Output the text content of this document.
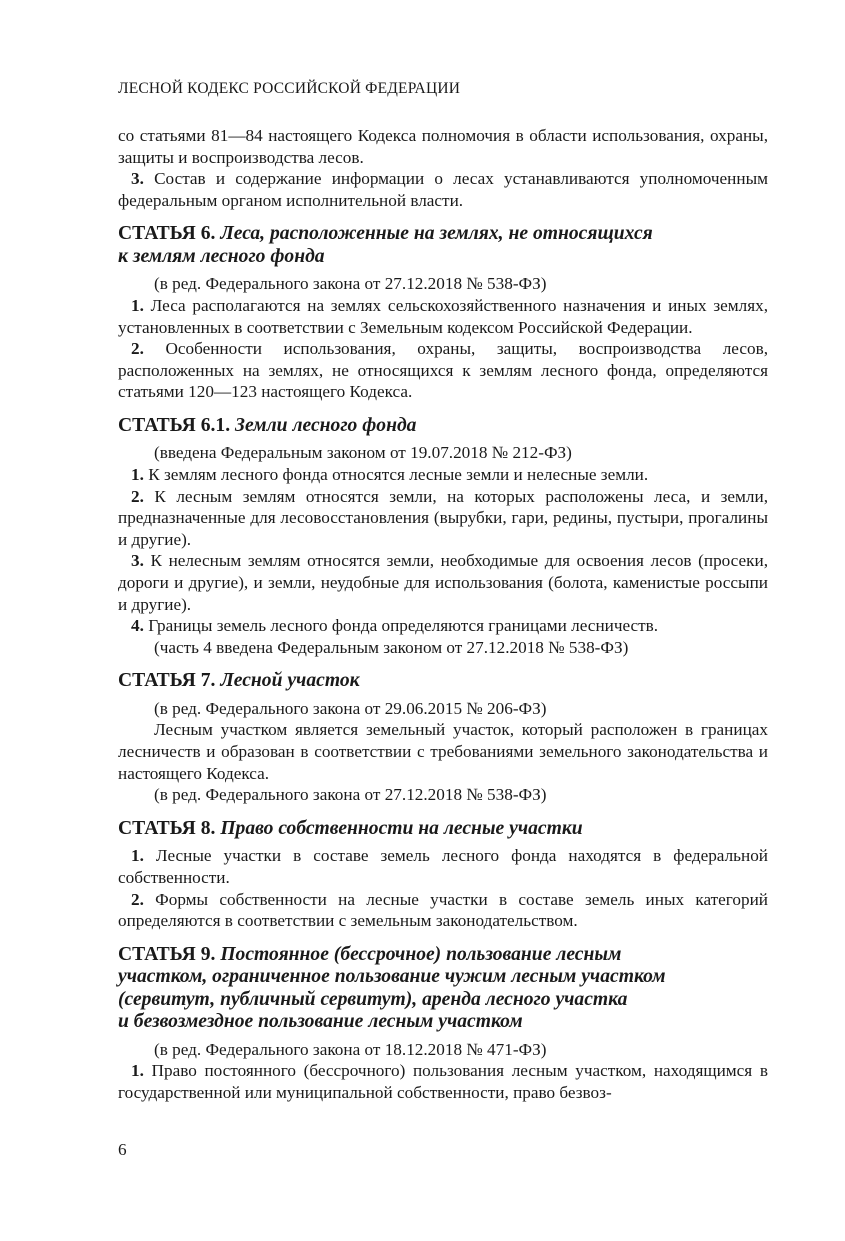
ЛЕСНОЙ КОДЕКС РОССИЙСКОЙ ФЕДЕРАЦИИ

со статьями 81—84 настоящего Кодекса полномочия в области использования, охраны, защиты и воспроизводства лесов.

3. Состав и содержание информации о лесах устанавливаются уполномоченным федеральным органом исполнительной власти.

СТАТЬЯ 6. Леса, расположенные на землях, не относящихся
к землям лесного фонда

(в ред. Федерального закона от 27.12.2018 № 538-ФЗ)

1. Леса располагаются на землях сельскохозяйственного назначения и иных землях, установленных в соответствии с Земельным кодексом Российской Федерации.

2. Особенности использования, охраны, защиты, воспроизводства лесов, расположенных на землях, не относящихся к землям лесного фонда, определяются статьями 120—123 настоящего Кодекса.

СТАТЬЯ 6.1. Земли лесного фонда

(введена Федеральным законом от 19.07.2018 № 212-ФЗ)

1. К землям лесного фонда относятся лесные земли и нелесные земли.

2. К лесным землям относятся земли, на которых расположены леса, и земли, предназначенные для лесовосстановления (вырубки, гари, редины, пустыри, прогалины и другие).

3. К нелесным землям относятся земли, необходимые для освоения лесов (просеки, дороги и другие), и земли, неудобные для использования (болота, каменистые россыпи и другие).

4. Границы земель лесного фонда определяются границами лесничеств.

(часть 4 введена Федеральным законом от 27.12.2018 № 538-ФЗ)

СТАТЬЯ 7. Лесной участок

(в ред. Федерального закона от 29.06.2015 № 206-ФЗ)

Лесным участком является земельный участок, который расположен в границах лесничеств и образован в соответствии с требованиями земельного законодательства и настоящего Кодекса.

(в ред. Федерального закона от 27.12.2018 № 538-ФЗ)

СТАТЬЯ 8. Право собственности на лесные участки

1. Лесные участки в составе земель лесного фонда находятся в федеральной собственности.

2. Формы собственности на лесные участки в составе земель иных категорий определяются в соответствии с земельным законодательством.

СТАТЬЯ 9. Постоянное (бессрочное) пользование лесным
участком, ограниченное пользование чужим лесным участком
(сервитут, публичный сервитут), аренда лесного участка
и безвозмездное пользование лесным участком

(в ред. Федерального закона от 18.12.2018 № 471-ФЗ)

1. Право постоянного (бессрочного) пользования лесным участком, находящимся в государственной или муниципальной собственности, право безвоз-

6
